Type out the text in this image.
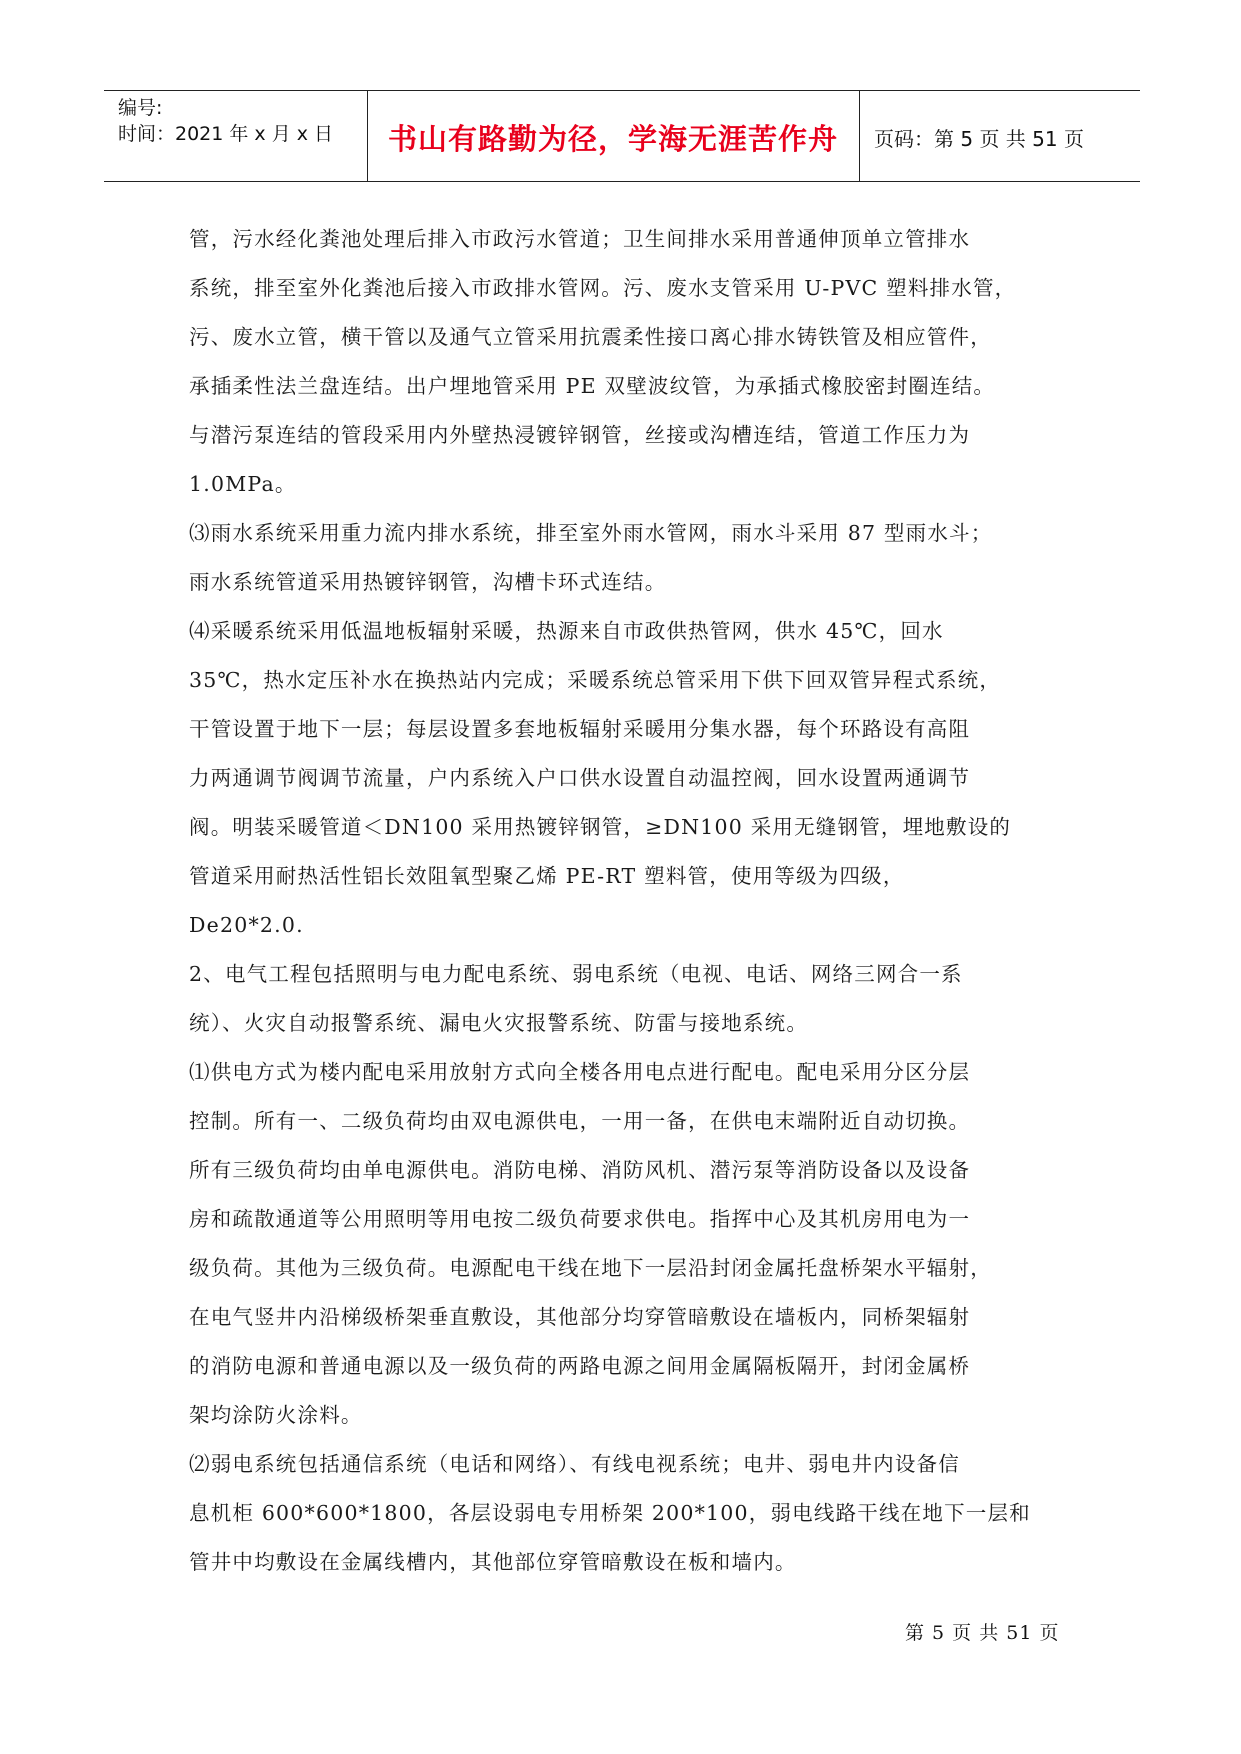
编号:
时间：2021 年 x 月 x 日	书山有路勤为径，学海无涯苦作舟	页码：第 5 页 共 51 页

管，污水经化粪池处理后排入市政污水管道；卫生间排水采用普通伸顶单立管排水

系统，排至室外化粪池后接入市政排水管网。污、废水支管采用 U-PVC 塑料排水管，

污、废水立管，横干管以及通气立管采用抗震柔性接口离心排水铸铁管及相应管件，

承插柔性法兰盘连结。出户埋地管采用 PE 双壁波纹管，为承插式橡胶密封圈连结。

与潜污泵连结的管段采用内外壁热浸镀锌钢管，丝接或沟槽连结，管道工作压力为

1.0MPa。

⑶雨水系统采用重力流内排水系统，排至室外雨水管网，雨水斗采用 87 型雨水斗；

雨水系统管道采用热镀锌钢管，沟槽卡环式连结。

⑷采暖系统采用低温地板辐射采暖，热源来自市政供热管网，供水 45℃，回水

35℃，热水定压补水在换热站内完成；采暖系统总管采用下供下回双管异程式系统，

干管设置于地下一层；每层设置多套地板辐射采暖用分集水器，每个环路设有高阻

力两通调节阀调节流量，户内系统入户口供水设置自动温控阀，回水设置两通调节

阀。明装采暖管道＜DN100 采用热镀锌钢管，≥DN100 采用无缝钢管，埋地敷设的

管道采用耐热活性铝长效阻氧型聚乙烯 PE-RT 塑料管，使用等级为四级，

De20*2.0.

2、电气工程包括照明与电力配电系统、弱电系统（电视、电话、网络三网合一系

统）、火灾自动报警系统、漏电火灾报警系统、防雷与接地系统。

⑴供电方式为楼内配电采用放射方式向全楼各用电点进行配电。配电采用分区分层

控制。所有一、二级负荷均由双电源供电，一用一备，在供电末端附近自动切换。

所有三级负荷均由单电源供电。消防电梯、消防风机、潜污泵等消防设备以及设备

房和疏散通道等公用照明等用电按二级负荷要求供电。指挥中心及其机房用电为一

级负荷。其他为三级负荷。电源配电干线在地下一层沿封闭金属托盘桥架水平辐射，

在电气竖井内沿梯级桥架垂直敷设，其他部分均穿管暗敷设在墙板内，同桥架辐射

的消防电源和普通电源以及一级负荷的两路电源之间用金属隔板隔开，封闭金属桥

架均涂防火涂料。

⑵弱电系统包括通信系统（电话和网络）、有线电视系统；电井、弱电井内设备信

息机柜 600*600*1800，各层设弱电专用桥架 200*100，弱电线路干线在地下一层和

管井中均敷设在金属线槽内，其他部位穿管暗敷设在板和墙内。

第 5 页 共 51 页
